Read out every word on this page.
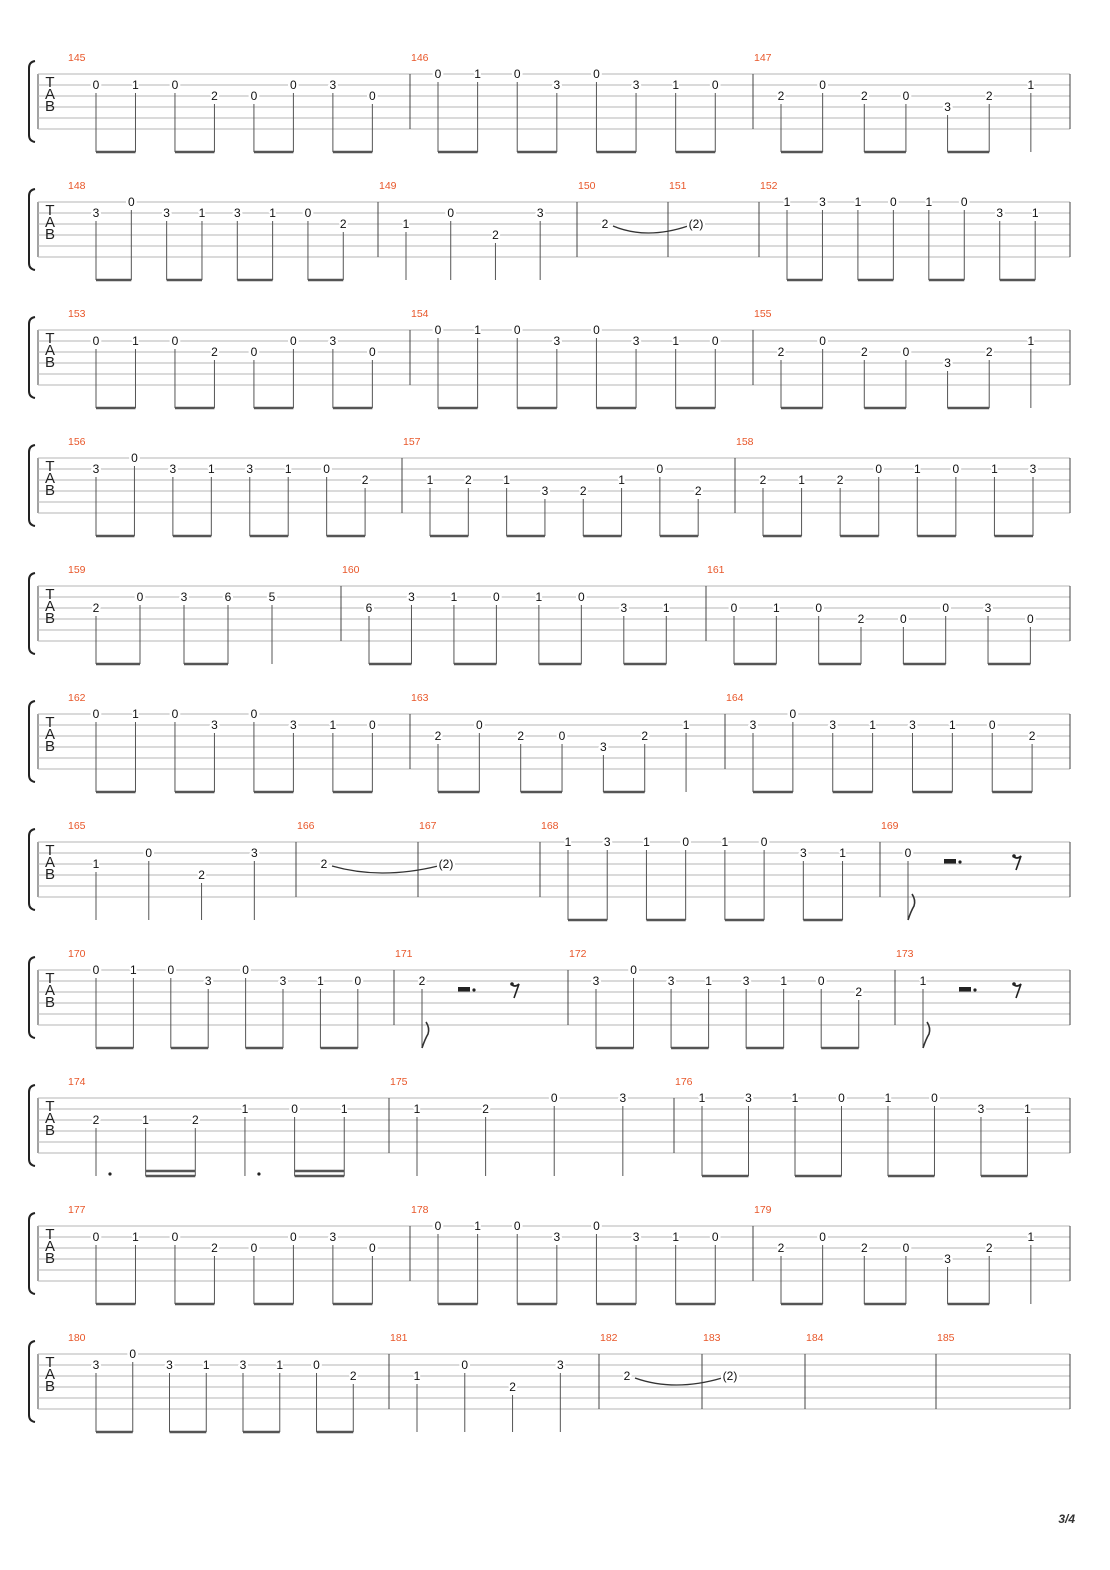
T
A
B
145
0	1	0
2	0
0	3
0
146
0	1	0
3
0
3	1	0
147
2
0
2	0
3
2
1
T
A
B
148
3
0
3 1 3 1 0
2
149
1
0
2
3
150
2
151
(2)
152
1 3 1 0 1 0
3 1
T
A
B
153
0	1	0
2	0
0	3
0
154
0	1	0
3
0
3	1	0
155
2
0
2	0
3
2
1
T
A
B
156
3
0
3	1	3	1	0
2
157
1	2	1
3	2
1
0
2
158
2	1	2
0	1	0	1	3
T
A
B
159
2
0	3	6	5
160
6
3	1	0	1	0
3	1
161
0	1	0
2	0
0	3
0
T
A
B
162
0	1	0
3
0
3	1	0
163
2
0
2	0
3
2
1
164
3
0
3	1	3	1	0
2
T
A
B
165
1
0
2
3
166
2
167
(2)
168
1	3	1	0	1	0
3	1
169
0
T
A
B
170
0	1	0
3
0
3	1	0
171
2
172
3
0
3	1	3	1	0
2
173
1
T
A
B
174
2	1	2
1	0	1
175
1	2
0	3
176
1	3	1	0	1	0
3	1
T
A
B
177
0	1	0
2	0
0	3
0
178
0	1	0
3
0
3	1	0
179
2
0
2	0
3
2
1
T
A
B
180
3
0
3	1	3	1	0
2
181
1
0
2
3
182
2
183
(2)
184	185
3/4
